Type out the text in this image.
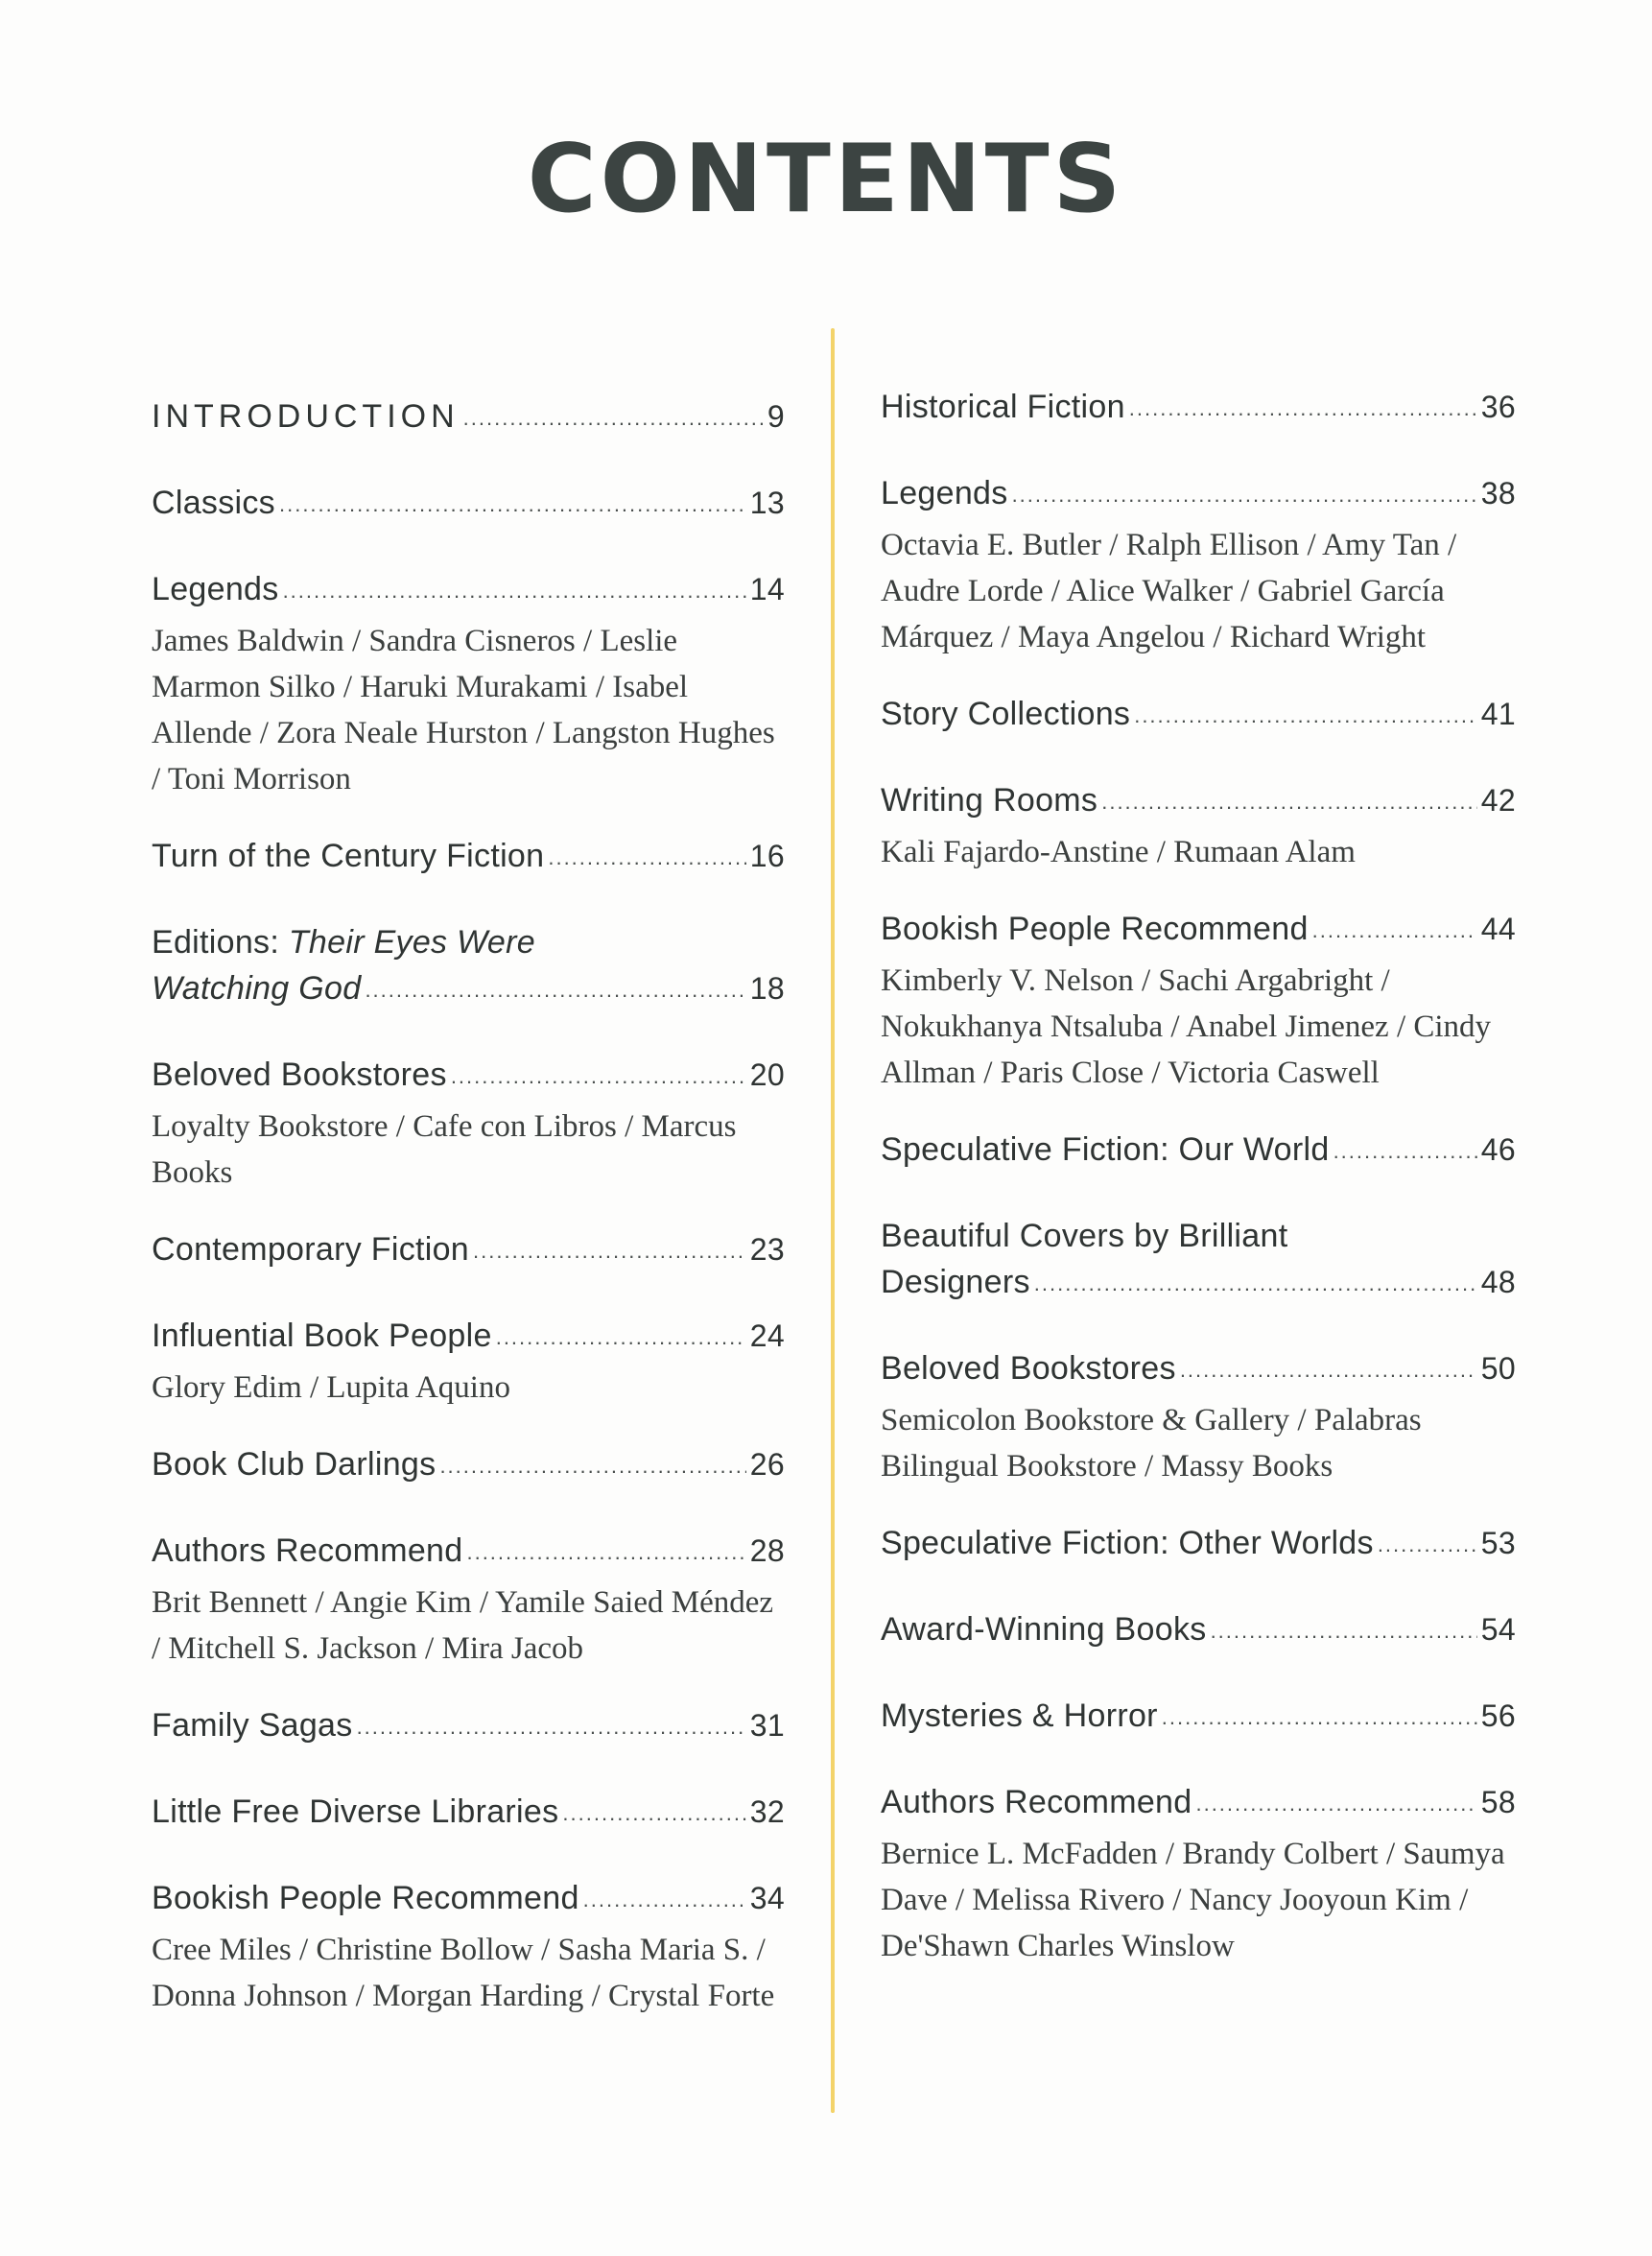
CONTENTS
INTRODUCTION .....	9
Classics .....	13
Legends .....	14
James Baldwin / Sandra Cisneros / Leslie Marmon Silko / Haruki Murakami / Isabel Allende / Zora Neale Hurston / Langston Hughes / Toni Morrison
Turn of the Century Fiction .....	16
Editions: Their Eyes Were
Watching God .....	18
Beloved Bookstores .....	20
Loyalty Bookstore / Cafe con Libros / Marcus Books
Contemporary Fiction .....	23
Influential Book People .....	24
Glory Edim / Lupita Aquino
Book Club Darlings .....	26
Authors Recommend .....	28
Brit Bennett / Angie Kim / Yamile Saied Méndez / Mitchell S. Jackson / Mira Jacob
Family Sagas .....	31
Little Free Diverse Libraries .....	32
Bookish People Recommend .....	34
Cree Miles / Christine Bollow / Sasha Maria S. / Donna Johnson / Morgan Harding / Crystal Forte
Historical Fiction .....	36
Legends .....	38
Octavia E. Butler / Ralph Ellison / Amy Tan / Audre Lorde / Alice Walker / Gabriel García Márquez / Maya Angelou / Richard Wright
Story Collections .....	41
Writing Rooms .....	42
Kali Fajardo-Anstine / Rumaan Alam
Bookish People Recommend .....	44
Kimberly V. Nelson / Sachi Argabright / Nokukhanya Ntsaluba / Anabel Jimenez / Cindy Allman / Paris Close / Victoria Caswell
Speculative Fiction: Our World .....	46
Beautiful Covers by Brilliant
Designers .....	48
Beloved Bookstores .....	50
Semicolon Bookstore & Gallery / Palabras Bilingual Bookstore / Massy Books
Speculative Fiction: Other Worlds .....	53
Award-Winning Books .....	54
Mysteries & Horror .....	56
Authors Recommend .....	58
Bernice L. McFadden / Brandy Colbert / Saumya Dave / Melissa Rivero / Nancy Jooyoun Kim / De'Shawn Charles Winslow
